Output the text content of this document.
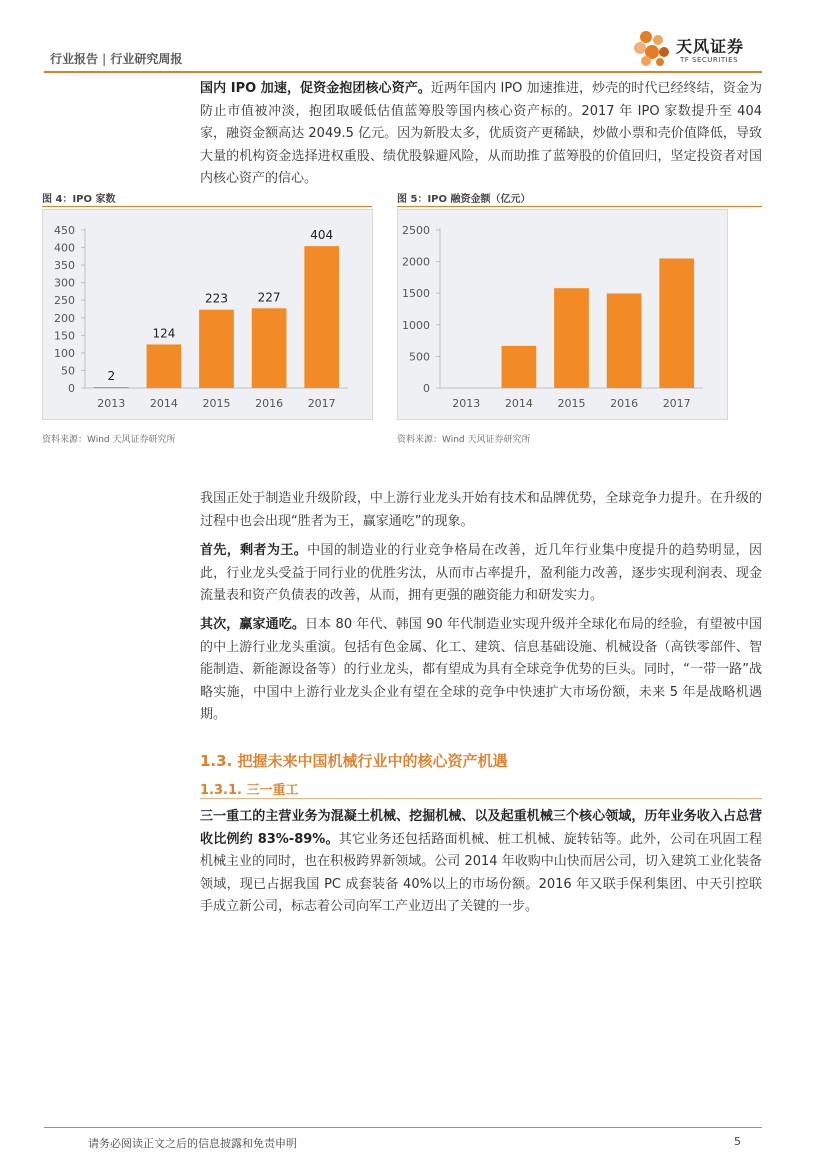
行业报告 | 行业研究周报
天风证券
TF SECURITIES
国内 IPO 加速，促资金抱团核心资产。近两年国内 IPO 加速推进，炒壳的时代已经终结，资金为防止市值被冲淡，抱团取暖低估值蓝筹股等国内核心资产标的。2017 年 IPO 家数提升至 404 家，融资金额高达 2049.5 亿元。因为新股太多，优质资产更稀缺，炒做小票和壳价值降低，导致大量的机构资金选择进权重股、绩优股躲避风险，从而助推了蓝筹股的价值回归，坚定投资者对国内核心资产的信心。
图 4：IPO 家数
0
50
100
150
200
250
300
350
400
450
2013
2
2014
124
2015
223
2016
227
2017
404
资料来源：Wind 天风证券研究所
图 5：IPO 融资金额（亿元）
0
500
1000
1500
2000
2500
2013 2014 2015 2016 2017
资料来源：Wind 天风证券研究所
我国正处于制造业升级阶段，中上游行业龙头开始有技术和品牌优势，全球竞争力提升。在升级的过程中也会出现“胜者为王，赢家通吃”的现象。
首先，剩者为王。中国的制造业的行业竞争格局在改善，近几年行业集中度提升的趋势明显，因此，行业龙头受益于同行业的优胜劣汰，从而市占率提升，盈利能力改善，逐步实现利润表、现金流量表和资产负债表的改善，从而，拥有更强的融资能力和研发实力。
其次，赢家通吃。日本 80 年代、韩国 90 年代制造业实现升级并全球化布局的经验，有望被中国的中上游行业龙头重演。包括有色金属、化工、建筑、信息基础设施、机械设备（高铁零部件、智能制造、新能源设备等）的行业龙头，都有望成为具有全球竞争优势的巨头。同时，“一带一路”战略实施，中国中上游行业龙头企业有望在全球的竞争中快速扩大市场份额，未来 5 年是战略机遇期。
1.3. 把握未来中国机械行业中的核心资产机遇
1.3.1. 三一重工
三一重工的主营业务为混凝土机械、挖掘机械、以及起重机械三个核心领域，历年业务收入占总营收比例约 83%-89%。其它业务还包括路面机械、桩工机械、旋转钻等。此外，公司在巩固工程机械主业的同时，也在积极跨界新领域。公司 2014 年收购中山快而居公司，切入建筑工业化装备领域，现已占据我国 PC 成套装备 40%以上的市场份额。2016 年又联手保利集团、中天引控联手成立新公司，标志着公司向军工产业迈出了关键的一步。
请务必阅读正文之后的信息披露和免责申明	5
